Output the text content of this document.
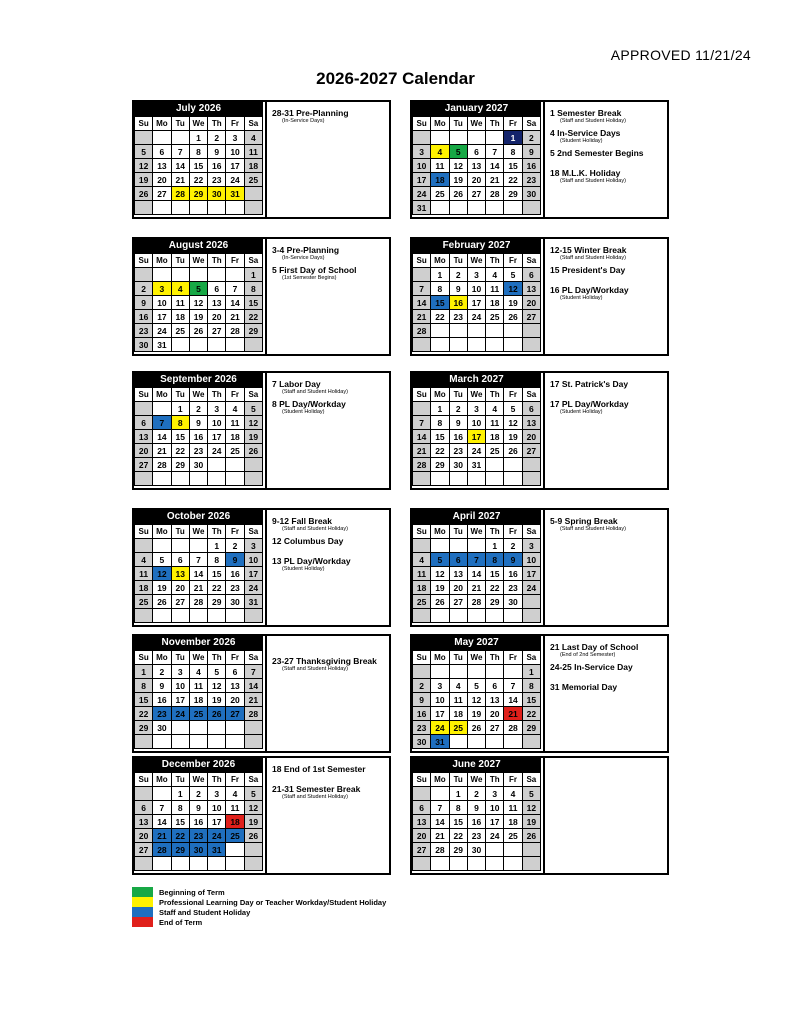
APPROVED 11/21/24
2026-2027 Calendar
July 2026
Su	Mo	Tu	We	Th	Fr	Sa
			1	2	3	4
5	6	7	8	9	10	11
12	13	14	15	16	17	18
19	20	21	22	23	24	25
26	27	28	29	30	31	

28-31 Pre-Planning
(In-Service Days)
January 2027
Su	Mo	Tu	We	Th	Fr	Sa
					1	2
3	4	5	6	7	8	9
10	11	12	13	14	15	16
17	18	19	20	21	22	23
24	25	26	27	28	29	30
31						
1 Semester Break
(Staff and Student Holiday)
4 In-Service Days
(Student Holiday)
5 2nd Semester Begins
18 M.L.K. Holiday
(Staff and Student Holiday)
August 2026
Su	Mo	Tu	We	Th	Fr	Sa
						1
2	3	4	5	6	7	8
9	10	11	12	13	14	15
16	17	18	19	20	21	22
23	24	25	26	27	28	29
30	31					
3-4 Pre-Planning
(In-Service Days)
5 First Day of School
(1st Semester Begins)
February 2027
Su	Mo	Tu	We	Th	Fr	Sa
	1	2	3	4	5	6
7	8	9	10	11	12	13
14	15	16	17	18	19	20
21	22	23	24	25	26	27
28						

12-15 Winter Break
(Staff and Student Holiday)
15 President's Day
16 PL Day/Workday
(Student Holiday)
September 2026
Su	Mo	Tu	We	Th	Fr	Sa
		1	2	3	4	5
6	7	8	9	10	11	12
13	14	15	16	17	18	19
20	21	22	23	24	25	26
27	28	29	30			

7 Labor Day
(Staff and Student Holiday)
8 PL Day/Workday
(Student Holiday)
March 2027
Su	Mo	Tu	We	Th	Fr	Sa
	1	2	3	4	5	6
7	8	9	10	11	12	13
14	15	16	17	18	19	20
21	22	23	24	25	26	27
28	29	30	31			

17 St. Patrick's Day
17 PL Day/Workday
(Student Holiday)
October 2026
Su	Mo	Tu	We	Th	Fr	Sa
				1	2	3
4	5	6	7	8	9	10
11	12	13	14	15	16	17
18	19	20	21	22	23	24
25	26	27	28	29	30	31

9-12 Fall Break
(Staff and Student Holiday)
12 Columbus Day
13 PL Day/Workday
(Student Holiday)
April 2027
Su	Mo	Tu	We	Th	Fr	Sa
				1	2	3
4	5	6	7	8	9	10
11	12	13	14	15	16	17
18	19	20	21	22	23	24
25	26	27	28	29	30	

5-9 Spring Break
(Staff and Student Holiday)
November 2026
Su	Mo	Tu	We	Th	Fr	Sa
1	2	3	4	5	6	7
8	9	10	11	12	13	14
15	16	17	18	19	20	21
22	23	24	25	26	27	28
29	30					

23-27 Thanksgiving Break
(Staff and Student Holiday)
May 2027
Su	Mo	Tu	We	Th	Fr	Sa
						1
2	3	4	5	6	7	8
9	10	11	12	13	14	15
16	17	18	19	20	21	22
23	24	25	26	27	28	29
30	31					
21 Last Day of School
(End of 2nd Semester)
24-25 In-Service Day
31 Memorial Day
December 2026
Su	Mo	Tu	We	Th	Fr	Sa
		1	2	3	4	5
6	7	8	9	10	11	12
13	14	15	16	17	18	19
20	21	22	23	24	25	26
27	28	29	30	31		

18 End of 1st Semester
21-31 Semester Break
(Staff and Student Holiday)
June 2027
Su	Mo	Tu	We	Th	Fr	Sa
		1	2	3	4	5
6	7	8	9	10	11	12
13	14	15	16	17	18	19
20	21	22	23	24	25	26
27	28	29	30			

Beginning of Term
Professional Learning Day or Teacher Workday/Student Holiday
Staff and Student Holiday
End of Term
